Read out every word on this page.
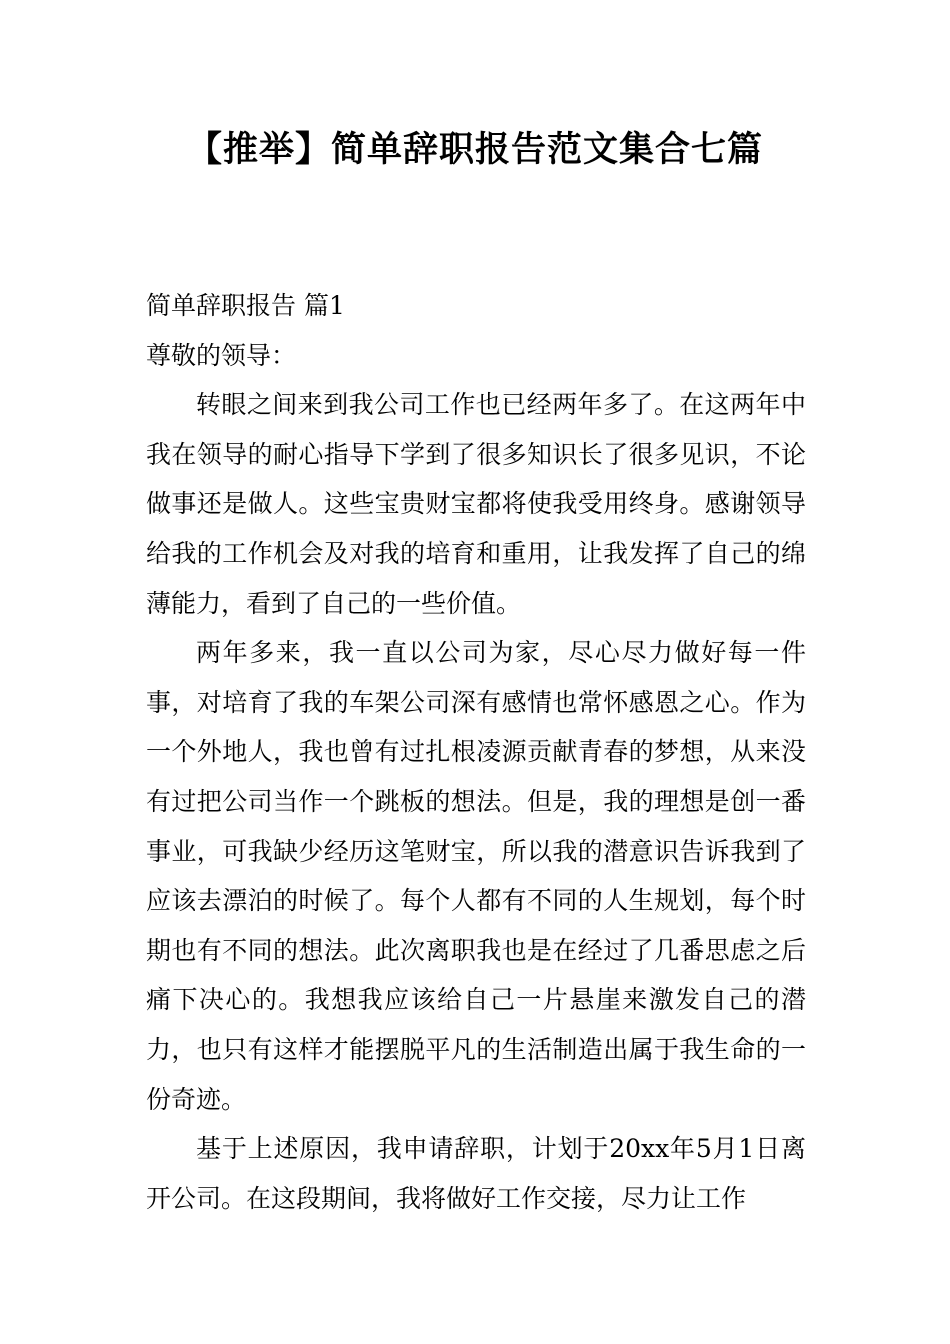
【推举】简单辞职报告范文集合七篇
简单辞职报告 篇1
尊敬的领导：

转眼之间来到我公司工作也已经两年多了。在这两年中我在领导的耐心指导下学到了很多知识长了很多见识，不论做事还是做人。这些宝贵财宝都将使我受用终身。感谢领导给我的工作机会及对我的培育和重用，让我发挥了自己的绵薄能力，看到了自己的一些价值。

两年多来，我一直以公司为家，尽心尽力做好每一件事，对培育了我的车架公司深有感情也常怀感恩之心。作为一个外地人，我也曾有过扎根凌源贡献青春的梦想，从来没有过把公司当作一个跳板的想法。但是，我的理想是创一番事业，可我缺少经历这笔财宝，所以我的潜意识告诉我到了应该去漂泊的时候了。每个人都有不同的人生规划，每个时期也有不同的想法。此次离职我也是在经过了几番思虑之后痛下决心的。我想我应该给自己一片悬崖来激发自己的潜力，也只有这样才能摆脱平凡的生活制造出属于我生命的一份奇迹。

基于上述原因，我申请辞职，计划于20xx年5月1日离开公司。在这段期间，我将做好工作交接，尽力让工作
